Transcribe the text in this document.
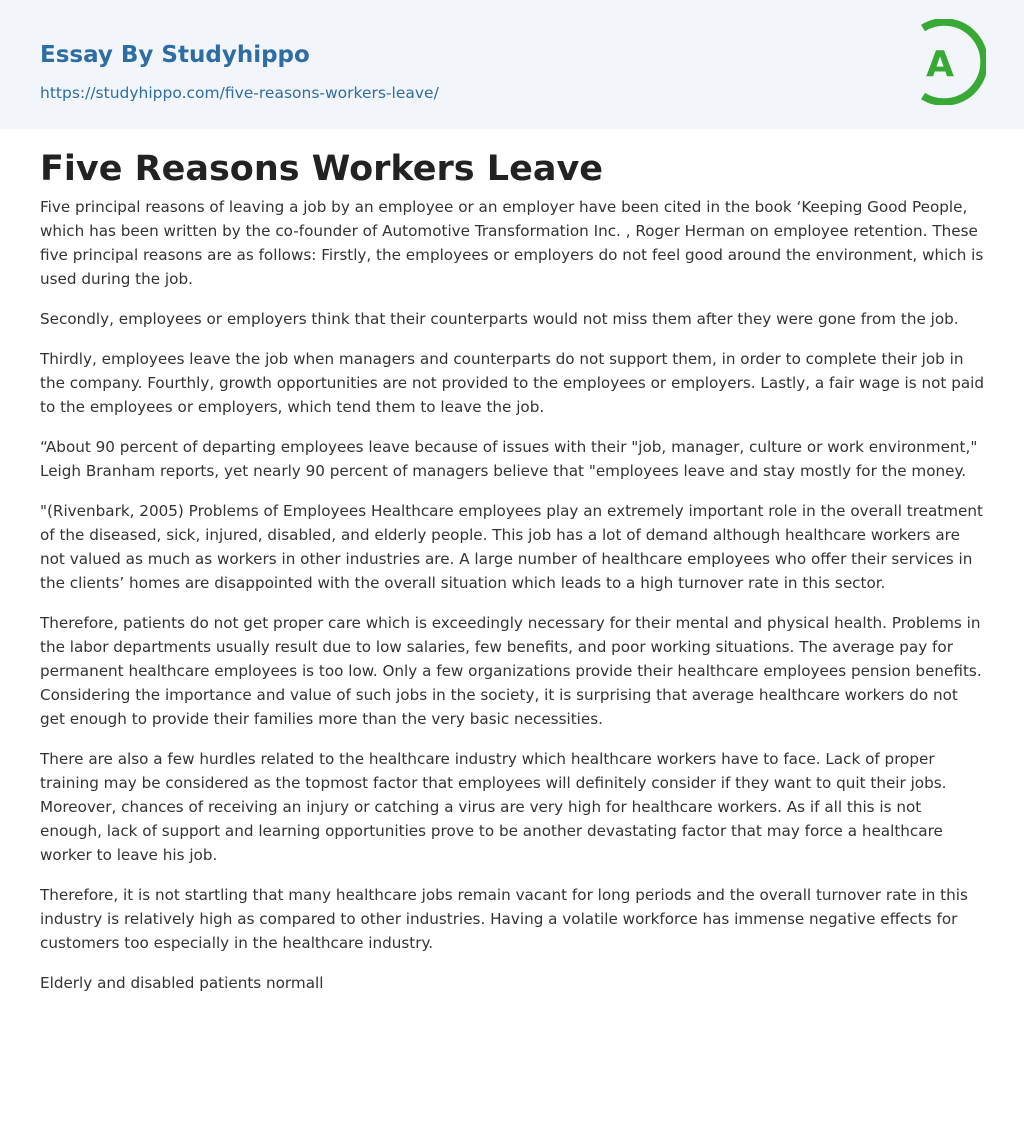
Essay By Studyhippo
https://studyhippo.com/five-reasons-workers-leave/
A
Five Reasons Workers Leave

Five principal reasons of leaving a job by an employee or an employer have been cited in the book ‘Keeping Good People, which has been written by the co-founder of Automotive Transformation Inc. , Roger Herman on employee retention. These five principal reasons are as follows: Firstly, the employees or employers do not feel good around the environment, which is used during the job.

Secondly, employees or employers think that their counterparts would not miss them after they were gone from the job.

Thirdly, employees leave the job when managers and counterparts do not support them, in order to complete their job in the company. Fourthly, growth opportunities are not provided to the employees or employers. Lastly, a fair wage is not paid to the employees or employers, which tend them to leave the job.

“About 90 percent of departing employees leave because of issues with their "job, manager, culture or work environment," Leigh Branham reports, yet nearly 90 percent of managers believe that "employees leave and stay mostly for the money.

"(Rivenbark, 2005) Problems of Employees Healthcare employees play an extremely important role in the overall treatment of the diseased, sick, injured, disabled, and elderly people. This job has a lot of demand although healthcare workers are not valued as much as workers in other industries are. A large number of healthcare employees who offer their services in the clients’ homes are disappointed with the overall situation which leads to a high turnover rate in this sector.

Therefore, patients do not get proper care which is exceedingly necessary for their mental and physical health. Problems in the labor departments usually result due to low salaries, few benefits, and poor working situations. The average pay for permanent healthcare employees is too low. Only a few organizations provide their healthcare employees pension benefits. Considering the importance and value of such jobs in the society, it is surprising that average healthcare workers do not get enough to provide their families more than the very basic necessities.

There are also a few hurdles related to the healthcare industry which healthcare workers have to face. Lack of proper training may be considered as the topmost factor that employees will definitely consider if they want to quit their jobs. Moreover, chances of receiving an injury or catching a virus are very high for healthcare workers. As if all this is not enough, lack of support and learning opportunities prove to be another devastating factor that may force a healthcare worker to leave his job.

Therefore, it is not startling that many healthcare jobs remain vacant for long periods and the overall turnover rate in this industry is relatively high as compared to other industries. Having a volatile workforce has immense negative effects for customers too especially in the healthcare industry.

Elderly and disabled patients normall
